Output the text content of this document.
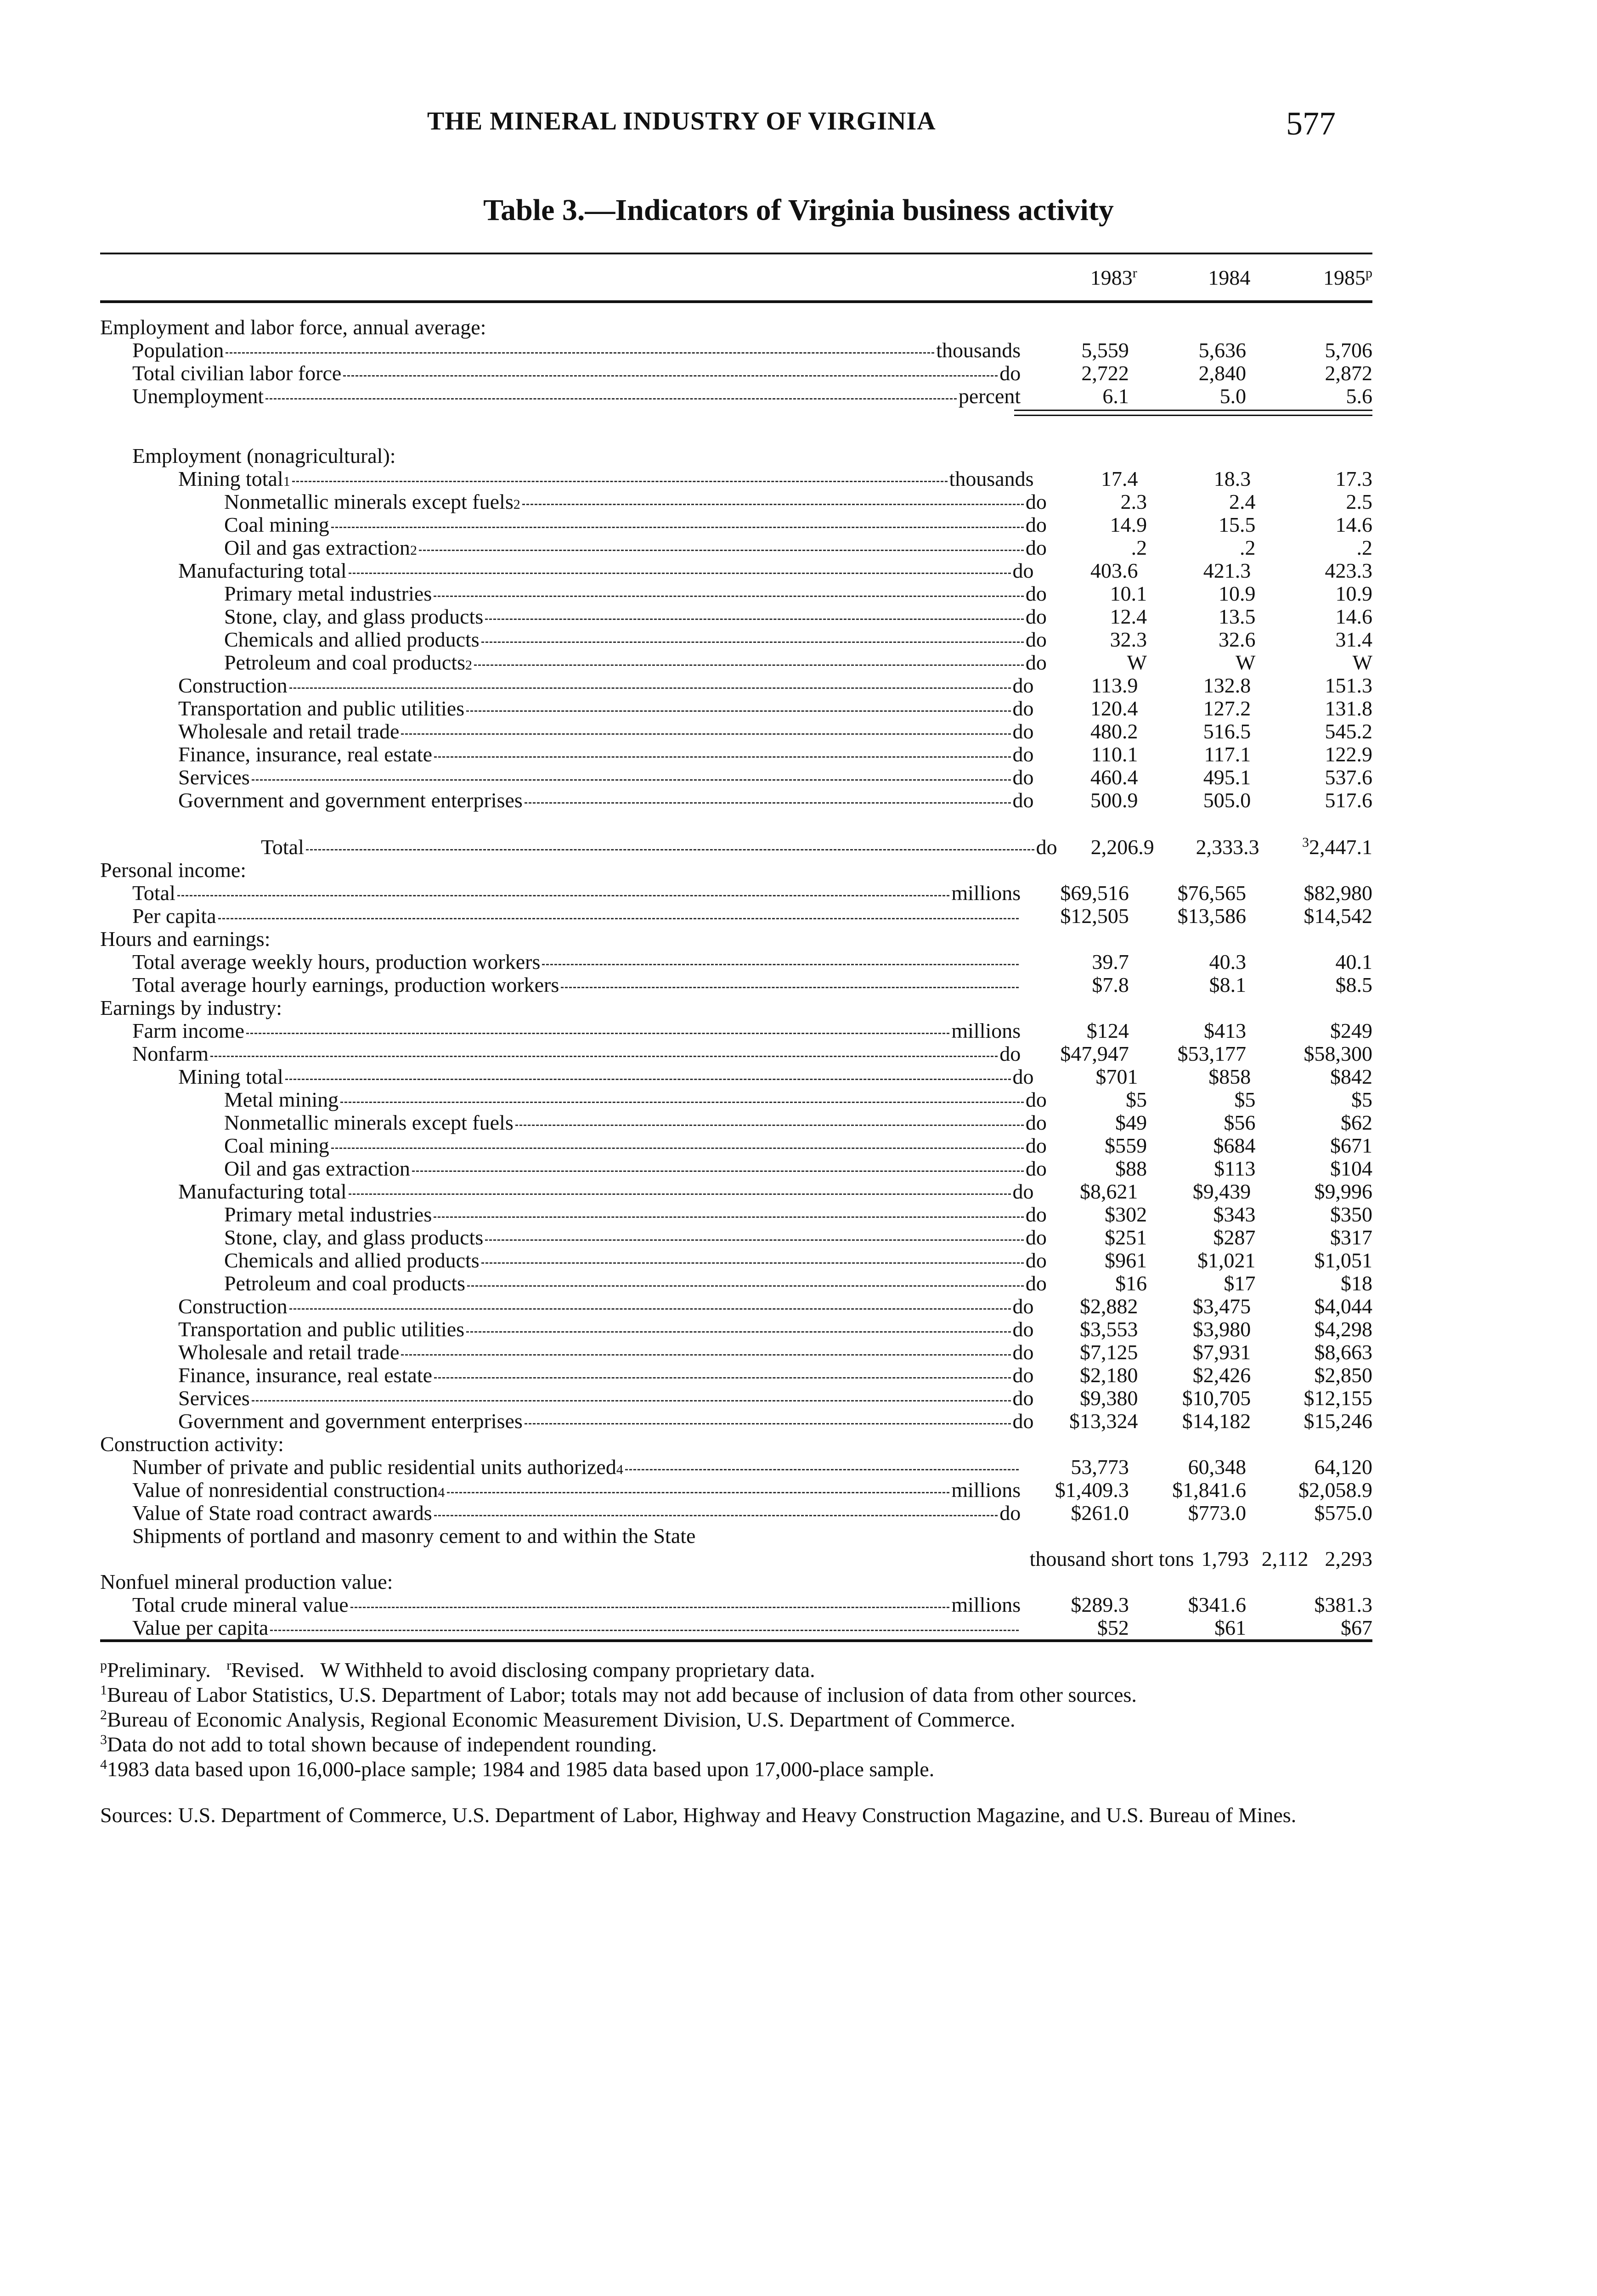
THE MINERAL INDUSTRY OF VIRGINIA	577
Table 3.—Indicators of Virginia business activity
1983$^r$	1984	1985$^p$
Employment and labor force, annual average:
Population	thousands	5,559	5,636	5,706
Total civilian labor force	do	2,722	2,840	2,872
Unemployment	percent	6.1	5.0	5.6
Employment (nonagricultural):
Mining total 1	thousands	17.4	18.3	17.3
Nonmetallic minerals except fuels 2	do	2.3	2.4	2.5
Coal mining	do	14.9	15.5	14.6
Oil and gas extraction 2	do	.2	.2	.2
Manufacturing total	do	403.6	421.3	423.3
Primary metal industries	do	10.1	10.9	10.9
Stone, clay, and glass products	do	12.4	13.5	14.6
Chemicals and allied products	do	32.3	32.6	31.4
Petroleum and coal products 2	do	W	W	W
Construction	do	113.9	132.8	151.3
Transportation and public utilities	do	120.4	127.2	131.8
Wholesale and retail trade	do	480.2	516.5	545.2
Finance, insurance, real estate	do	110.1	117.1	122.9
Services	do	460.4	495.1	537.6
Government and government enterprises	do	500.9	505.0	517.6
Total	do	2,206.9	2,333.3	$^3$2,447.1
Personal income:
Total	millions	$69,516	$76,565	$82,980
Per capita	$12,505	$13,586	$14,542
Hours and earnings:
Total average weekly hours, production workers	39.7	40.3	40.1
Total average hourly earnings, production workers	$7.8	$8.1	$8.5
Earnings by industry:
Farm income	millions	$124	$413	$249
Nonfarm	do	$47,947	$53,177	$58,300
Mining total	do	$701	$858	$842
Metal mining	do	$5	$5	$5
Nonmetallic minerals except fuels	do	$49	$56	$62
Coal mining	do	$559	$684	$671
Oil and gas extraction	do	$88	$113	$104
Manufacturing total	do	$8,621	$9,439	$9,996
Primary metal industries	do	$302	$343	$350
Stone, clay, and glass products	do	$251	$287	$317
Chemicals and allied products	do	$961	$1,021	$1,051
Petroleum and coal products	do	$16	$17	$18
Construction	do	$2,882	$3,475	$4,044
Transportation and public utilities	do	$3,553	$3,980	$4,298
Wholesale and retail trade	do	$7,125	$7,931	$8,663
Finance, insurance, real estate	do	$2,180	$2,426	$2,850
Services	do	$9,380	$10,705	$12,155
Government and government enterprises	do	$13,324	$14,182	$15,246
Construction activity:
Number of private and public residential units authorized 4	53,773	60,348	64,120
Value of nonresidential construction 4	millions	$1,409.3	$1,841.6	$2,058.9
Value of State road contract awards	do	$261.0	$773.0	$575.0
Shipments of portland and masonry cement to and within the State
thousand short tons 1,793 2,112 2,293
Nonfuel mineral production value:
Total crude mineral value	millions	$289.3	$341.6	$381.3
Value per capita	$52	$61	$67

$^p$Preliminary. $^r$Revised. W Withheld to avoid disclosing company proprietary data.

$^1$Bureau of Labor Statistics, U.S. Department of Labor; totals may not add because of inclusion of data from other sources.

$^2$Bureau of Economic Analysis, Regional Economic Measurement Division, U.S. Department of Commerce.

$^3$Data do not add to total shown because of independent rounding.

$^4$1983 data based upon 16,000-place sample; 1984 and 1985 data based upon 17,000-place sample.

Sources: U.S. Department of Commerce, U.S. Department of Labor, Highway and Heavy Construction Magazine, and U.S. Bureau of Mines.
